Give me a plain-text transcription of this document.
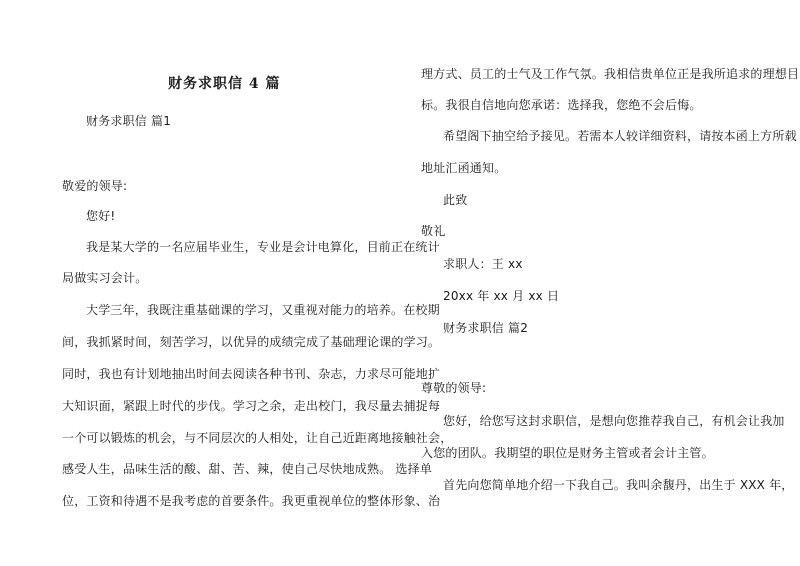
财务求职信 4 篇
财务求职信 篇1
敬爱的领导:
您好!
我是某大学的一名应届毕业生，专业是会计电算化，目前正在统计
局做实习会计。
大学三年，我既注重基础课的学习，又重视对能力的培养。在校期
间，我抓紧时间，刻苦学习，以优异的成绩完成了基础理论课的学习。
同时，我也有计划地抽出时间去阅读各种书刊、杂志，力求尽可能地扩
大知识面，紧跟上时代的步伐。学习之余，走出校门，我尽量去捕捉每
一个可以锻炼的机会，与不同层次的人相处，让自己近距离地接触社会，
感受人生，品味生活的酸、甜、苦、辣，使自己尽快地成熟。 选择单
位，工资和待遇不是我考虑的首要条件。我更重视单位的整体形象、治
理方式、员工的士气及工作气氛。我相信贵单位正是我所追求的理想目
标。我很自信地向您承诺：选择我，您绝不会后悔。
希望阁下抽空给予接见。若需本人较详细资料，请按本函上方所载
地址汇函通知。
此致
敬礼
求职人：王 xx
20xx 年 xx 月 xx 日
财务求职信 篇2
尊敬的领导:
您好，给您写这封求职信，是想向您推荐我自己，有机会让我加
入您的团队。我期望的职位是财务主管或者会计主管。
首先向您简单地介绍一下我自己。我叫余馥丹，出生于 XXX 年，
